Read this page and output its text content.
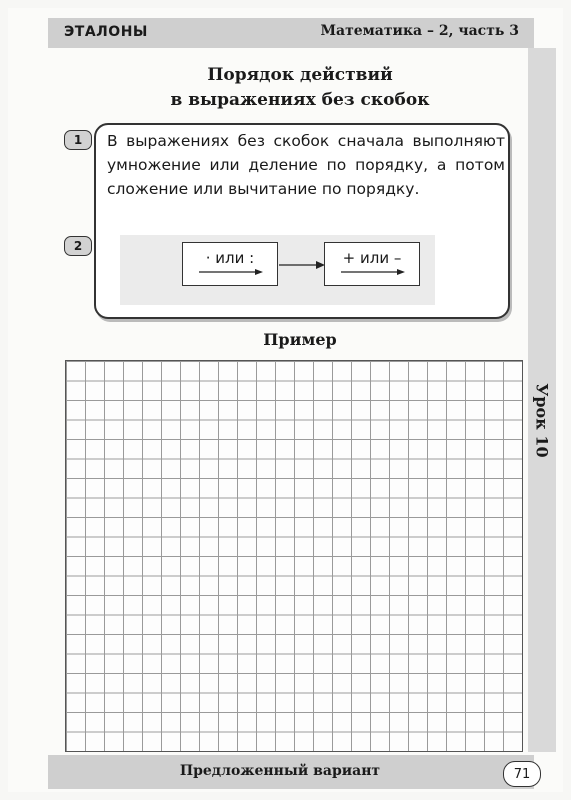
ЭТАЛОНЫ	Математика – 2, часть 3
Урок 10
Порядок действий
в выражениях без скобок
1
2
В выражениях без скобок сначала выполняют умножение или деление по порядку, а потом сложение или вычитание по порядку.
· или :	+ или –
Пример
Предложенный вариант	71
